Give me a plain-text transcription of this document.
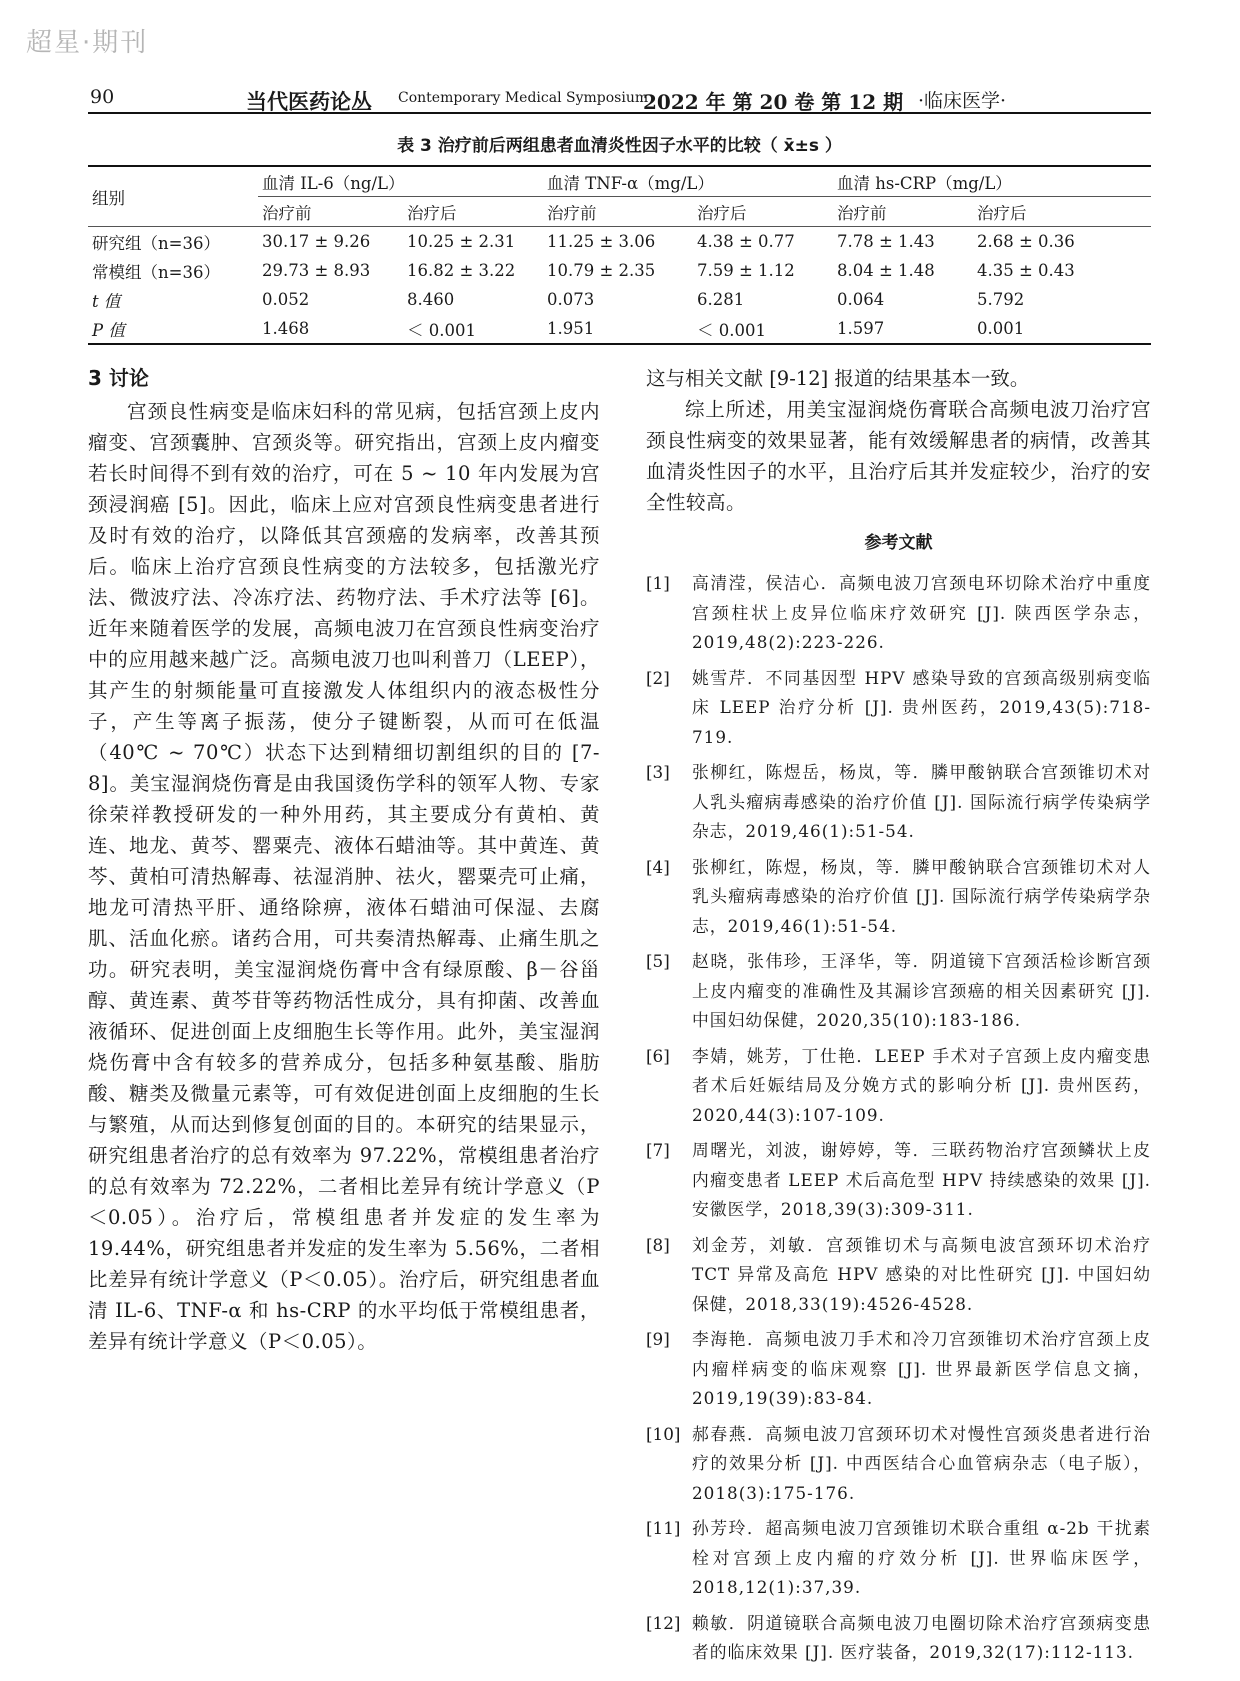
超星·期刊
90	当代医药论丛 Contemporary Medical Symposium
2022 年 第 20 卷 第 12 期 ·临床医学·
表 3 治疗前后两组患者血清炎性因子水平的比较（ x̄±s ）
组别	血清 IL-6（ng/L）		血清 TNF-α（mg/L）		血清 hs-CRP（mg/L）	
	治疗前	治疗后	治疗前	治疗后	治疗前	治疗后
研究组（n=36）	30.17 ± 9.26	10.25 ± 2.31	11.25 ± 3.06	4.38 ± 0.77	7.78 ± 1.43	2.68 ± 0.36
常模组（n=36）	29.73 ± 8.93	16.82 ± 3.22	10.79 ± 2.35	7.59 ± 1.12	8.04 ± 1.48	4.35 ± 0.43
t 值	0.052	8.460	0.073	6.281	0.064	5.792
P 值	1.468	＜ 0.001	1.951	＜ 0.001	1.597	0.001
3 讨论

宫颈良性病变是临床妇科的常见病，包括宫颈上皮内瘤变、宫颈囊肿、宫颈炎等。研究指出，宫颈上皮内瘤变若长时间得不到有效的治疗，可在 5 ~ 10 年内发展为宫颈浸润癌 [5]。因此，临床上应对宫颈良性病变患者进行及时有效的治疗，以降低其宫颈癌的发病率，改善其预后。临床上治疗宫颈良性病变的方法较多，包括激光疗法、微波疗法、冷冻疗法、药物疗法、手术疗法等 [6]。近年来随着医学的发展，高频电波刀在宫颈良性病变治疗中的应用越来越广泛。高频电波刀也叫利普刀（LEEP），其产生的射频能量可直接激发人体组织内的液态极性分子，产生等离子振荡，使分子键断裂，从而可在低温（40℃ ~ 70℃）状态下达到精细切割组织的目的 [7-8]。美宝湿润烧伤膏是由我国烫伤学科的领军人物、专家徐荣祥教授研发的一种外用药，其主要成分有黄柏、黄连、地龙、黄芩、罂粟壳、液体石蜡油等。其中黄连、黄芩、黄柏可清热解毒、祛湿消肿、祛火，罂粟壳可止痛，地龙可清热平肝、通络除痹，液体石蜡油可保湿、去腐肌、活血化瘀。诸药合用，可共奏清热解毒、止痛生肌之功。研究表明，美宝湿润烧伤膏中含有绿原酸、β－谷甾醇、黄连素、黄芩苷等药物活性成分，具有抑菌、改善血液循环、促进创面上皮细胞生长等作用。此外，美宝湿润烧伤膏中含有较多的营养成分，包括多种氨基酸、脂肪酸、糖类及微量元素等，可有效促进创面上皮细胞的生长与繁殖，从而达到修复创面的目的。本研究的结果显示，研究组患者治疗的总有效率为 97.22%，常模组患者治疗的总有效率为 72.22%，二者相比差异有统计学意义（P＜0.05）。治疗后，常模组患者并发症的发生率为 19.44%，研究组患者并发症的发生率为 5.56%，二者相比差异有统计学意义（P＜0.05）。治疗后，研究组患者血清 IL-6、TNF-α 和 hs-CRP 的水平均低于常模组患者，差异有统计学意义（P＜0.05）。

这与相关文献 [9-12] 报道的结果基本一致。

综上所述，用美宝湿润烧伤膏联合高频电波刀治疗宫颈良性病变的效果显著，能有效缓解患者的病情，改善其血清炎性因子的水平，且治疗后其并发症较少，治疗的安全性较高。

参考文献
[1]	高清滢，侯洁心．高频电波刀宫颈电环切除术治疗中重度宫颈柱状上皮异位临床疗效研究 [J]. 陕西医学杂志，2019,48(2):223-226.
[2]	姚雪芹．不同基因型 HPV 感染导致的宫颈高级别病变临床 LEEP 治疗分析 [J]. 贵州医药，2019,43(5):718-719.
[3]	张柳红，陈煜岳，杨岚，等．膦甲酸钠联合宫颈锥切术对人乳头瘤病毒感染的治疗价值 [J]. 国际流行病学传染病学杂志，2019,46(1):51-54.
[4]	张柳红，陈煜，杨岚，等．膦甲酸钠联合宫颈锥切术对人乳头瘤病毒感染的治疗价值 [J]. 国际流行病学传染病学杂志，2019,46(1):51-54.
[5]	赵晓，张伟珍，王泽华，等．阴道镜下宫颈活检诊断宫颈上皮内瘤变的准确性及其漏诊宫颈癌的相关因素研究 [J]. 中国妇幼保健，2020,35(10):183-186.
[6]	李婧，姚芳，丁仕艳．LEEP 手术对子宫颈上皮内瘤变患者术后妊娠结局及分娩方式的影响分析 [J]. 贵州医药，2020,44(3):107-109.
[7]	周曙光，刘波，谢婷婷，等．三联药物治疗宫颈鳞状上皮内瘤变患者 LEEP 术后高危型 HPV 持续感染的效果 [J]. 安徽医学，2018,39(3):309-311.
[8]	刘金芳，刘敏．宫颈锥切术与高频电波宫颈环切术治疗 TCT 异常及高危 HPV 感染的对比性研究 [J]. 中国妇幼保健，2018,33(19):4526-4528.
[9]	李海艳．高频电波刀手术和冷刀宫颈锥切术治疗宫颈上皮内瘤样病变的临床观察 [J]. 世界最新医学信息文摘，2019,19(39):83-84.
[10] 郝春燕．高频电波刀宫颈环切术对慢性宫颈炎患者进行治疗的效果分析 [J]. 中西医结合心血管病杂志（电子版），2018(3):175-176.
[11] 孙芳玲．超高频电波刀宫颈锥切术联合重组 α-2b 干扰素栓对宫颈上皮内瘤的疗效分析 [J]. 世界临床医学，2018,12(1):37,39.
[12] 赖敏．阴道镜联合高频电波刀电圈切除术治疗宫颈病变患者的临床效果 [J]. 医疗装备，2019,32(17):112-113.
